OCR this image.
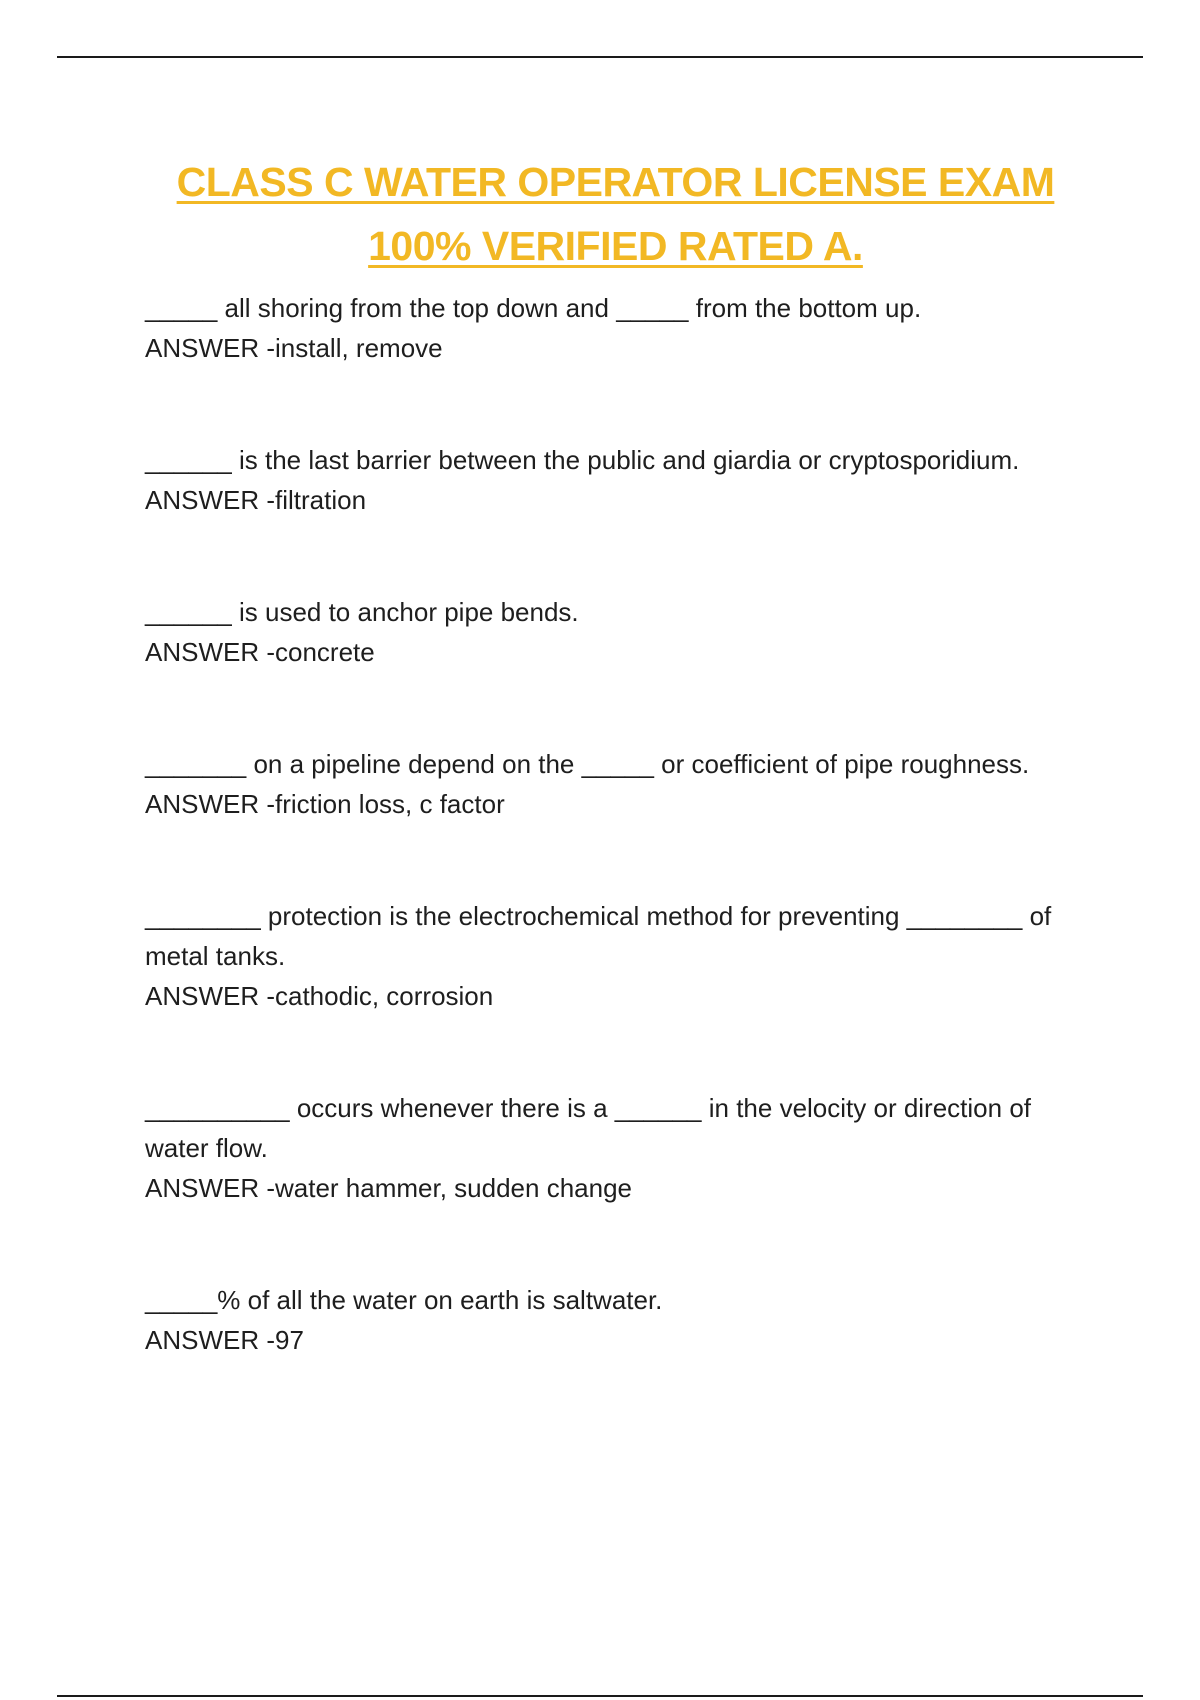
CLASS C WATER OPERATOR LICENSE EXAM
100% VERIFIED RATED A.
_____ all shoring from the top down and _____ from the bottom up.
ANSWER -install, remove
______ is the last barrier between the public and giardia or cryptosporidium.
ANSWER -filtration
______ is used to anchor pipe bends.
ANSWER -concrete
_______ on a pipeline depend on the _____ or coefficient of pipe roughness.
ANSWER -friction loss, c factor
________ protection is the electrochemical method for preventing ________ of metal tanks.
ANSWER -cathodic, corrosion
__________ occurs whenever there is a ______ in the velocity or direction of water flow.
ANSWER -water hammer, sudden change
_____% of all the water on earth is saltwater.
ANSWER -97
